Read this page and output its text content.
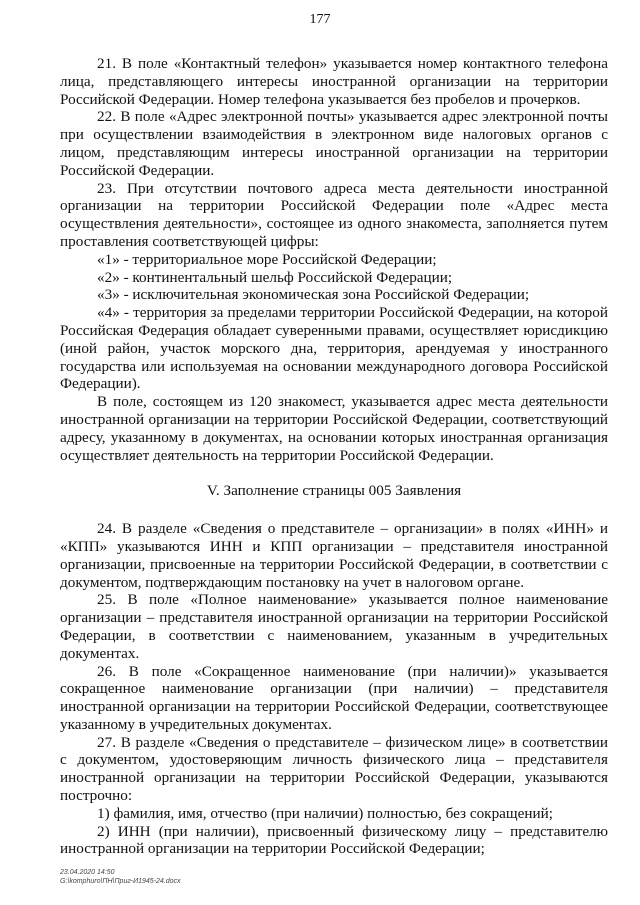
177

21. В поле «Контактный телефон» указывается номер контактного телефона лица, представляющего интересы иностранной организации на территории Российской Федерации. Номер телефона указывается без пробелов и прочерков.

22. В поле «Адрес электронной почты» указывается адрес электронной почты при осуществлении взаимодействия в электронном виде налоговых органов с лицом, представляющим интересы иностранной организации на территории Российской Федерации.

23. При отсутствии почтового адреса места деятельности иностранной организации на территории Российской Федерации поле «Адрес места осуществления деятельности», состоящее из одного знакоместа, заполняется путем проставления соответствующей цифры:

«1» - территориальное море Российской Федерации;

«2» - континентальный шельф Российской Федерации;

«3» - исключительная экономическая зона Российской Федерации;

«4» - территория за пределами территории Российской Федерации, на которой Российская Федерация обладает суверенными правами, осуществляет юрисдикцию (иной район, участок морского дна, территория, арендуемая у иностранного государства или используемая на основании международного договора Российской Федерации).

В поле, состоящем из 120 знакомест, указывается адрес места деятельности иностранной организации на территории Российской Федерации, соответствующий адресу, указанному в документах, на основании которых иностранная организация осуществляет деятельность на территории Российской Федерации.

V. Заполнение страницы 005 Заявления

24. В разделе «Сведения о представителе – организации» в полях «ИНН» и «КПП» указываются ИНН и КПП организации – представителя иностранной организации, присвоенные на территории Российской Федерации, в соответствии с документом, подтверждающим постановку на учет в налоговом органе.

25. В поле «Полное наименование» указывается полное наименование организации – представителя иностранной организации на территории Российской Федерации, в соответствии с наименованием, указанным в учредительных документах.

26. В поле «Сокращенное наименование (при наличии)» указывается сокращенное наименование организации (при наличии) – представителя иностранной организации на территории Российской Федерации, соответствующее указанному в учредительных документах.

27. В разделе «Сведения о представителе – физическом лице» в соответствии с документом, удостоверяющим личность физического лица – представителя иностранной организации на территории Российской Федерации, указываются построчно:

1) фамилия, имя, отчество (при наличии) полностью, без сокращений;

2) ИНН (при наличии), присвоенный физическому лицу – представителю иностранной организации на территории Российской Федерации;

23.04.2020 14:50
G:\komphuro\ПН\Приг-И1945-24.docx
